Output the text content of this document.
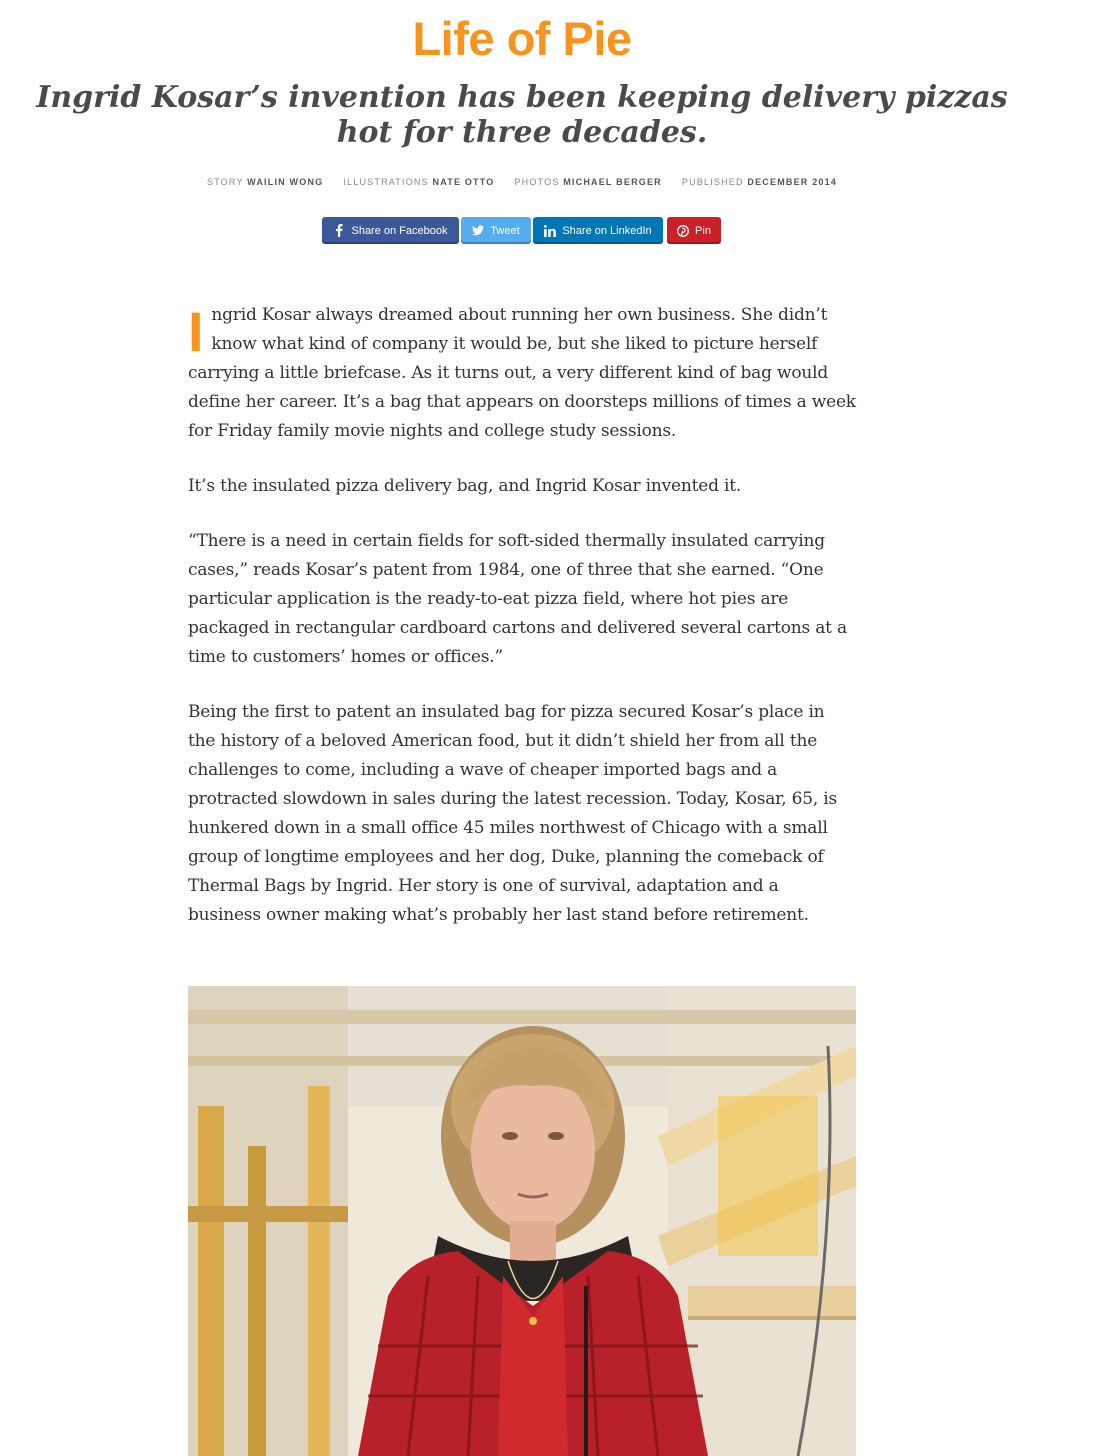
Life of Pie
Ingrid Kosar’s invention has been keeping delivery pizzas hot for three decades.
STORY WAILIN WONG ILLUSTRATIONS NATE OTTO PHOTOS MICHAEL BERGER PUBLISHED DECEMBER 2014
Share on Facebook	Tweet	Share on LinkedIn	Pin

Ingrid Kosar always dreamed about running her own business. She didn’t know what kind of company it would be, but she liked to picture herself carrying a little briefcase. As it turns out, a very different kind of bag would define her career. It’s a bag that appears on doorsteps millions of times a week for Friday family movie nights and college study sessions.

It’s the insulated pizza delivery bag, and Ingrid Kosar invented it.

“There is a need in certain fields for soft-sided thermally insulated carrying cases,” reads Kosar’s patent from 1984, one of three that she earned. “One particular application is the ready-to-eat pizza field, where hot pies are packaged in rectangular cardboard cartons and delivered several cartons at a time to customers’ homes or offices.”

Being the first to patent an insulated bag for pizza secured Kosar’s place in the history of a beloved American food, but it didn’t shield her from all the challenges to come, including a wave of cheaper imported bags and a protracted slowdown in sales during the latest recession. Today, Kosar, 65, is hunkered down in a small office 45 miles northwest of Chicago with a small group of longtime employees and her dog, Duke, planning the comeback of Thermal Bags by Ingrid. Her story is one of survival, adaptation and a business owner making what’s probably her last stand before retirement.
